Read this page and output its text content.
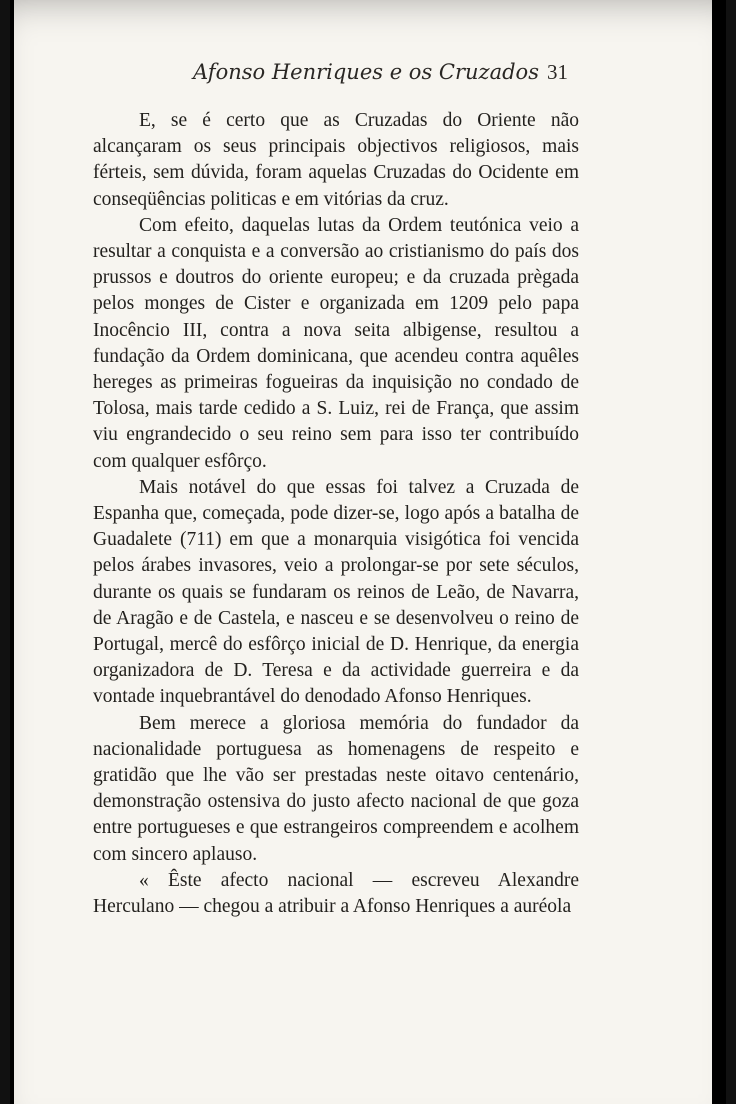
Afonso Henriques e os Cruzados 31

E, se é certo que as Cruzadas do Oriente não alcançaram os seus principais objectivos religiosos, mais férteis, sem dúvida, foram aquelas Cruzadas do Ocidente em conseqüências politicas e em vitórias da cruz.

Com efeito, daquelas lutas da Ordem teutónica veio a resultar a conquista e a conversão ao cristianismo do país dos prussos e doutros do oriente europeu; e da cruzada prègada pelos monges de Cister e organizada em 1209 pelo papa Inocêncio III, contra a nova seita albigense, resultou a fundação da Ordem dominicana, que acendeu contra aquêles hereges as primeiras fogueiras da inquisição no condado de Tolosa, mais tarde cedido a S. Luiz, rei de França, que assim viu engrandecido o seu reino sem para isso ter contribuído com qualquer esfôrço.

Mais notável do que essas foi talvez a Cruzada de Espanha que, começada, pode dizer-se, logo após a batalha de Guadalete (711) em que a monarquia visigótica foi vencida pelos árabes invasores, veio a prolongar-se por sete séculos, durante os quais se fundaram os reinos de Leão, de Navarra, de Aragão e de Castela, e nasceu e se desenvolveu o reino de Portugal, mercê do esfôrço inicial de D. Henrique, da energia organizadora de D. Teresa e da actividade guerreira e da vontade inquebrantável do denodado Afonso Henriques.

Bem merece a gloriosa memória do fundador da nacionalidade portuguesa as homenagens de respeito e gratidão que lhe vão ser prestadas neste oitavo centenário, demonstração ostensiva do justo afecto nacional de que goza entre portugueses e que estrangeiros compreendem e acolhem com sincero aplauso.

« Êste afecto nacional — escreveu Alexandre Herculano — chegou a atribuir a Afonso Henriques a auréola
